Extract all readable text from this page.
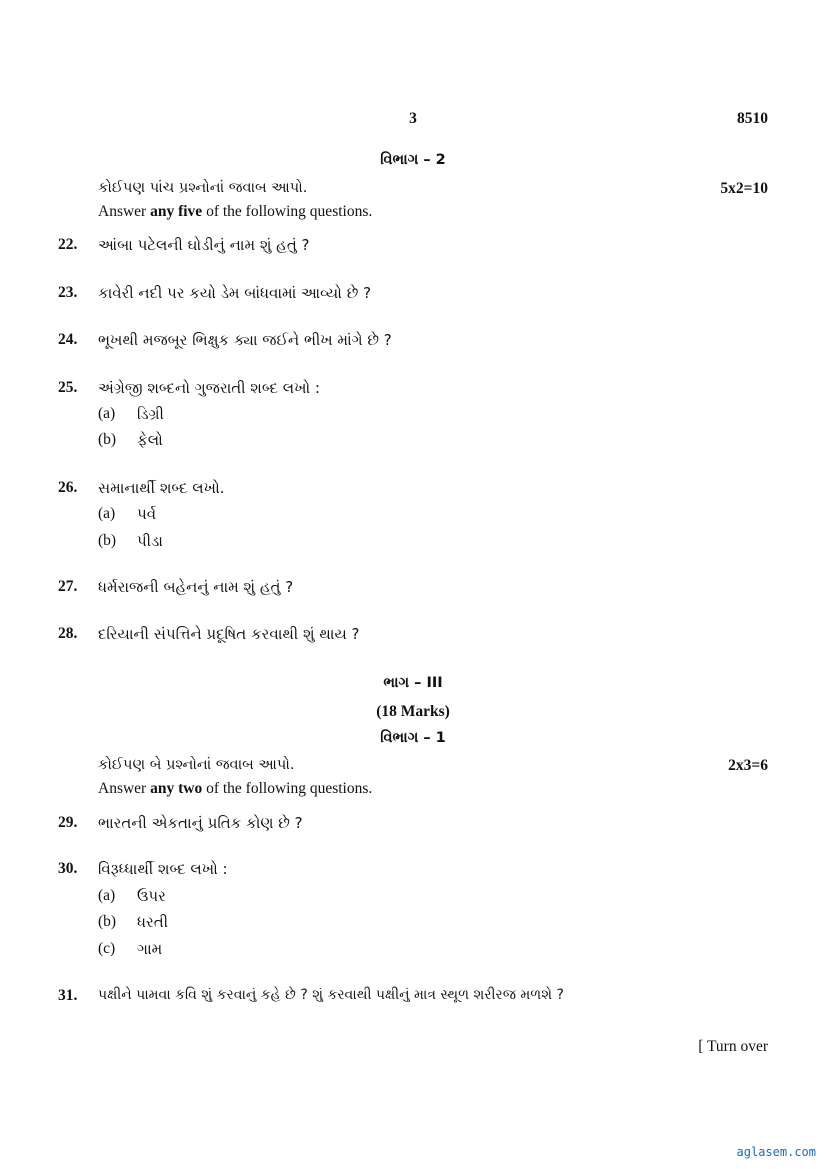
3	8510
વિભાગ – 2
કોઈપણ પાંચ પ્રશ્નોનાં જવાબ આપો.	5x2=10
Answer any five of the following questions.
22. આંબા પટેલની ઘોડીનું નામ શું હતું ?
23. કાવેરી નદી પર કયો ડેમ બાંધવામાં આવ્યો છે ?
24. ભૂખથી મજબૂર ભિક્ષુક ક્યા જઈને ભીખ માંગે છે ?
25. અંગ્રેજી શબ્દનો ગુજરાતી શબ્દ લખો :
(a) ડિગ્રી
(b) ફેલો
26. સમાનાર્થી શબ્દ લખો.
(a) પર્વ
(b) પીડા
27. ધર્મરાજની બહેનનું નામ શું હતું ?
28. દરિયાની સંપત્તિને પ્રદૂષિત કરવાથી શું થાય ?
ભાગ – III
(18 Marks)
વિભાગ – 1
કોઈપણ બે પ્રશ્નોનાં જવાબ આપો.	2x3=6
Answer any two of the following questions.
29. ભારતની એકતાનું પ્રતિક કોણ છે ?
30. વિરૂધ્ધાર્થી શબ્દ લખો :
(a) ઉપર
(b) ધરતી
(c) ગામ
31. પક્ષીને પામવા કવિ શું કરવાનું કહે છે ? શું કરવાથી પક્ષીનું માત્ર સ્થૂળ શરીરજ મળશે ?
[ Turn over
aglasem.com
